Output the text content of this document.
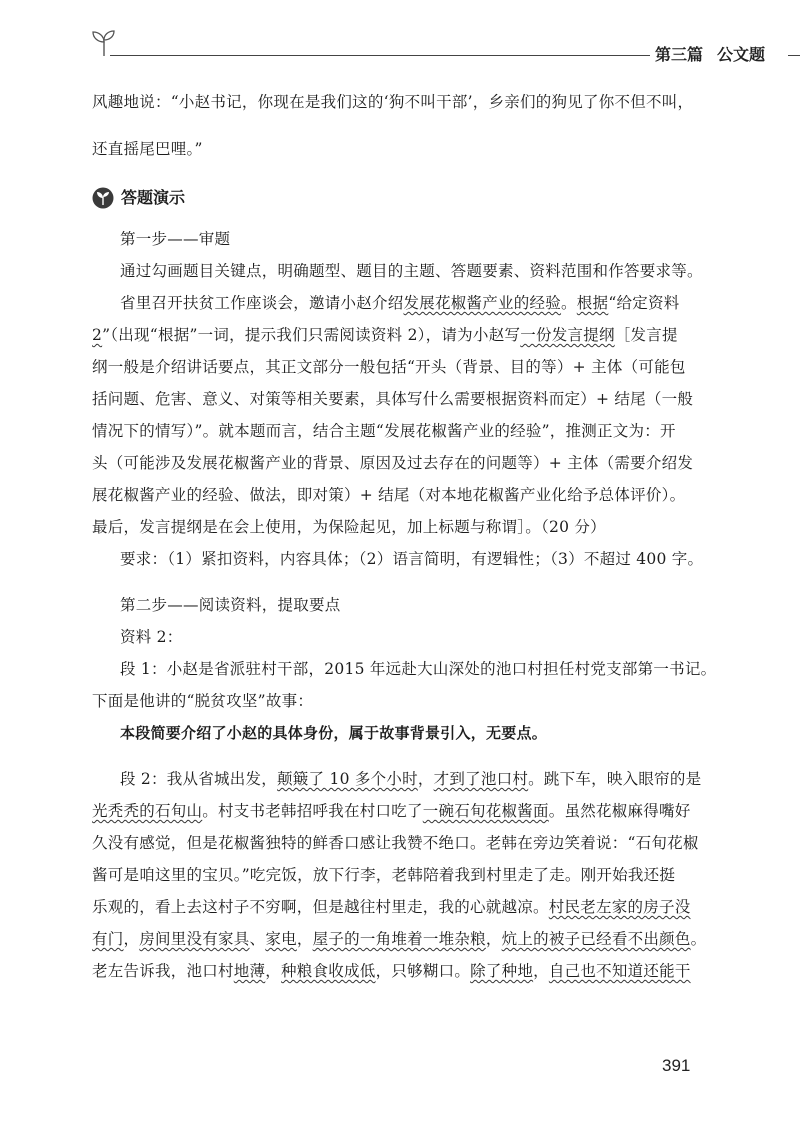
第三篇 公文题
风趣地说：“小赵书记，你现在是我们这的‘狗不叫干部’，乡亲们的狗见了你不但不叫，
还直摇尾巴哩。”
第一步——审题
通过勾画题目关键点，明确题型、题目的主题、答题要素、资料范围和作答要求等。
省里召开扶贫工作座谈会，邀请小赵介绍发展花椒酱产业的经验。根据“给定资料
2”（出现“根据”一词，提示我们只需阅读资料 2），请为小赵写一份发言提纲［发言提
纲一般是介绍讲话要点，其正文部分一般包括“开头（背景、目的等）+ 主体（可能包
括问题、危害、意义、对策等相关要素，具体写什么需要根据资料而定）+ 结尾（一般
情况下的情写）”。就本题而言，结合主题“发展花椒酱产业的经验”，推测正文为：开
头（可能涉及发展花椒酱产业的背景、原因及过去存在的问题等）+ 主体（需要介绍发
展花椒酱产业的经验、做法，即对策）+ 结尾（对本地花椒酱产业化给予总体评价）。
最后，发言提纲是在会上使用，为保险起见，加上标题与称谓］。（20 分）
要求：（1）紧扣资料，内容具体；（2）语言简明，有逻辑性；（3）不超过 400 字。
第二步——阅读资料，提取要点
资料 2：
段 1：小赵是省派驻村干部，2015 年远赴大山深处的池口村担任村党支部第一书记。
下面是他讲的“脱贫攻坚”故事：
本段简要介绍了小赵的具体身份，属于故事背景引入，无要点。
段 2：我从省城出发，颠簸了 10 多个小时，才到了池口村。跳下车，映入眼帘的是
光秃秃的石旬山。村支书老韩招呼我在村口吃了一碗石旬花椒酱面。虽然花椒麻得嘴好
久没有感觉，但是花椒酱独特的鲜香口感让我赞不绝口。老韩在旁边笑着说：“石旬花椒
酱可是咱这里的宝贝。”吃完饭，放下行李，老韩陪着我到村里走了走。刚开始我还挺
乐观的，看上去这村子不穷啊，但是越往村里走，我的心就越凉。村民老左家的房子没
有门，房间里没有家具、家电，屋子的一角堆着一堆杂粮，炕上的被子已经看不出颜色。
老左告诉我，池口村地薄，种粮食收成低，只够糊口。除了种地，自己也不知道还能干
答题演示
391
